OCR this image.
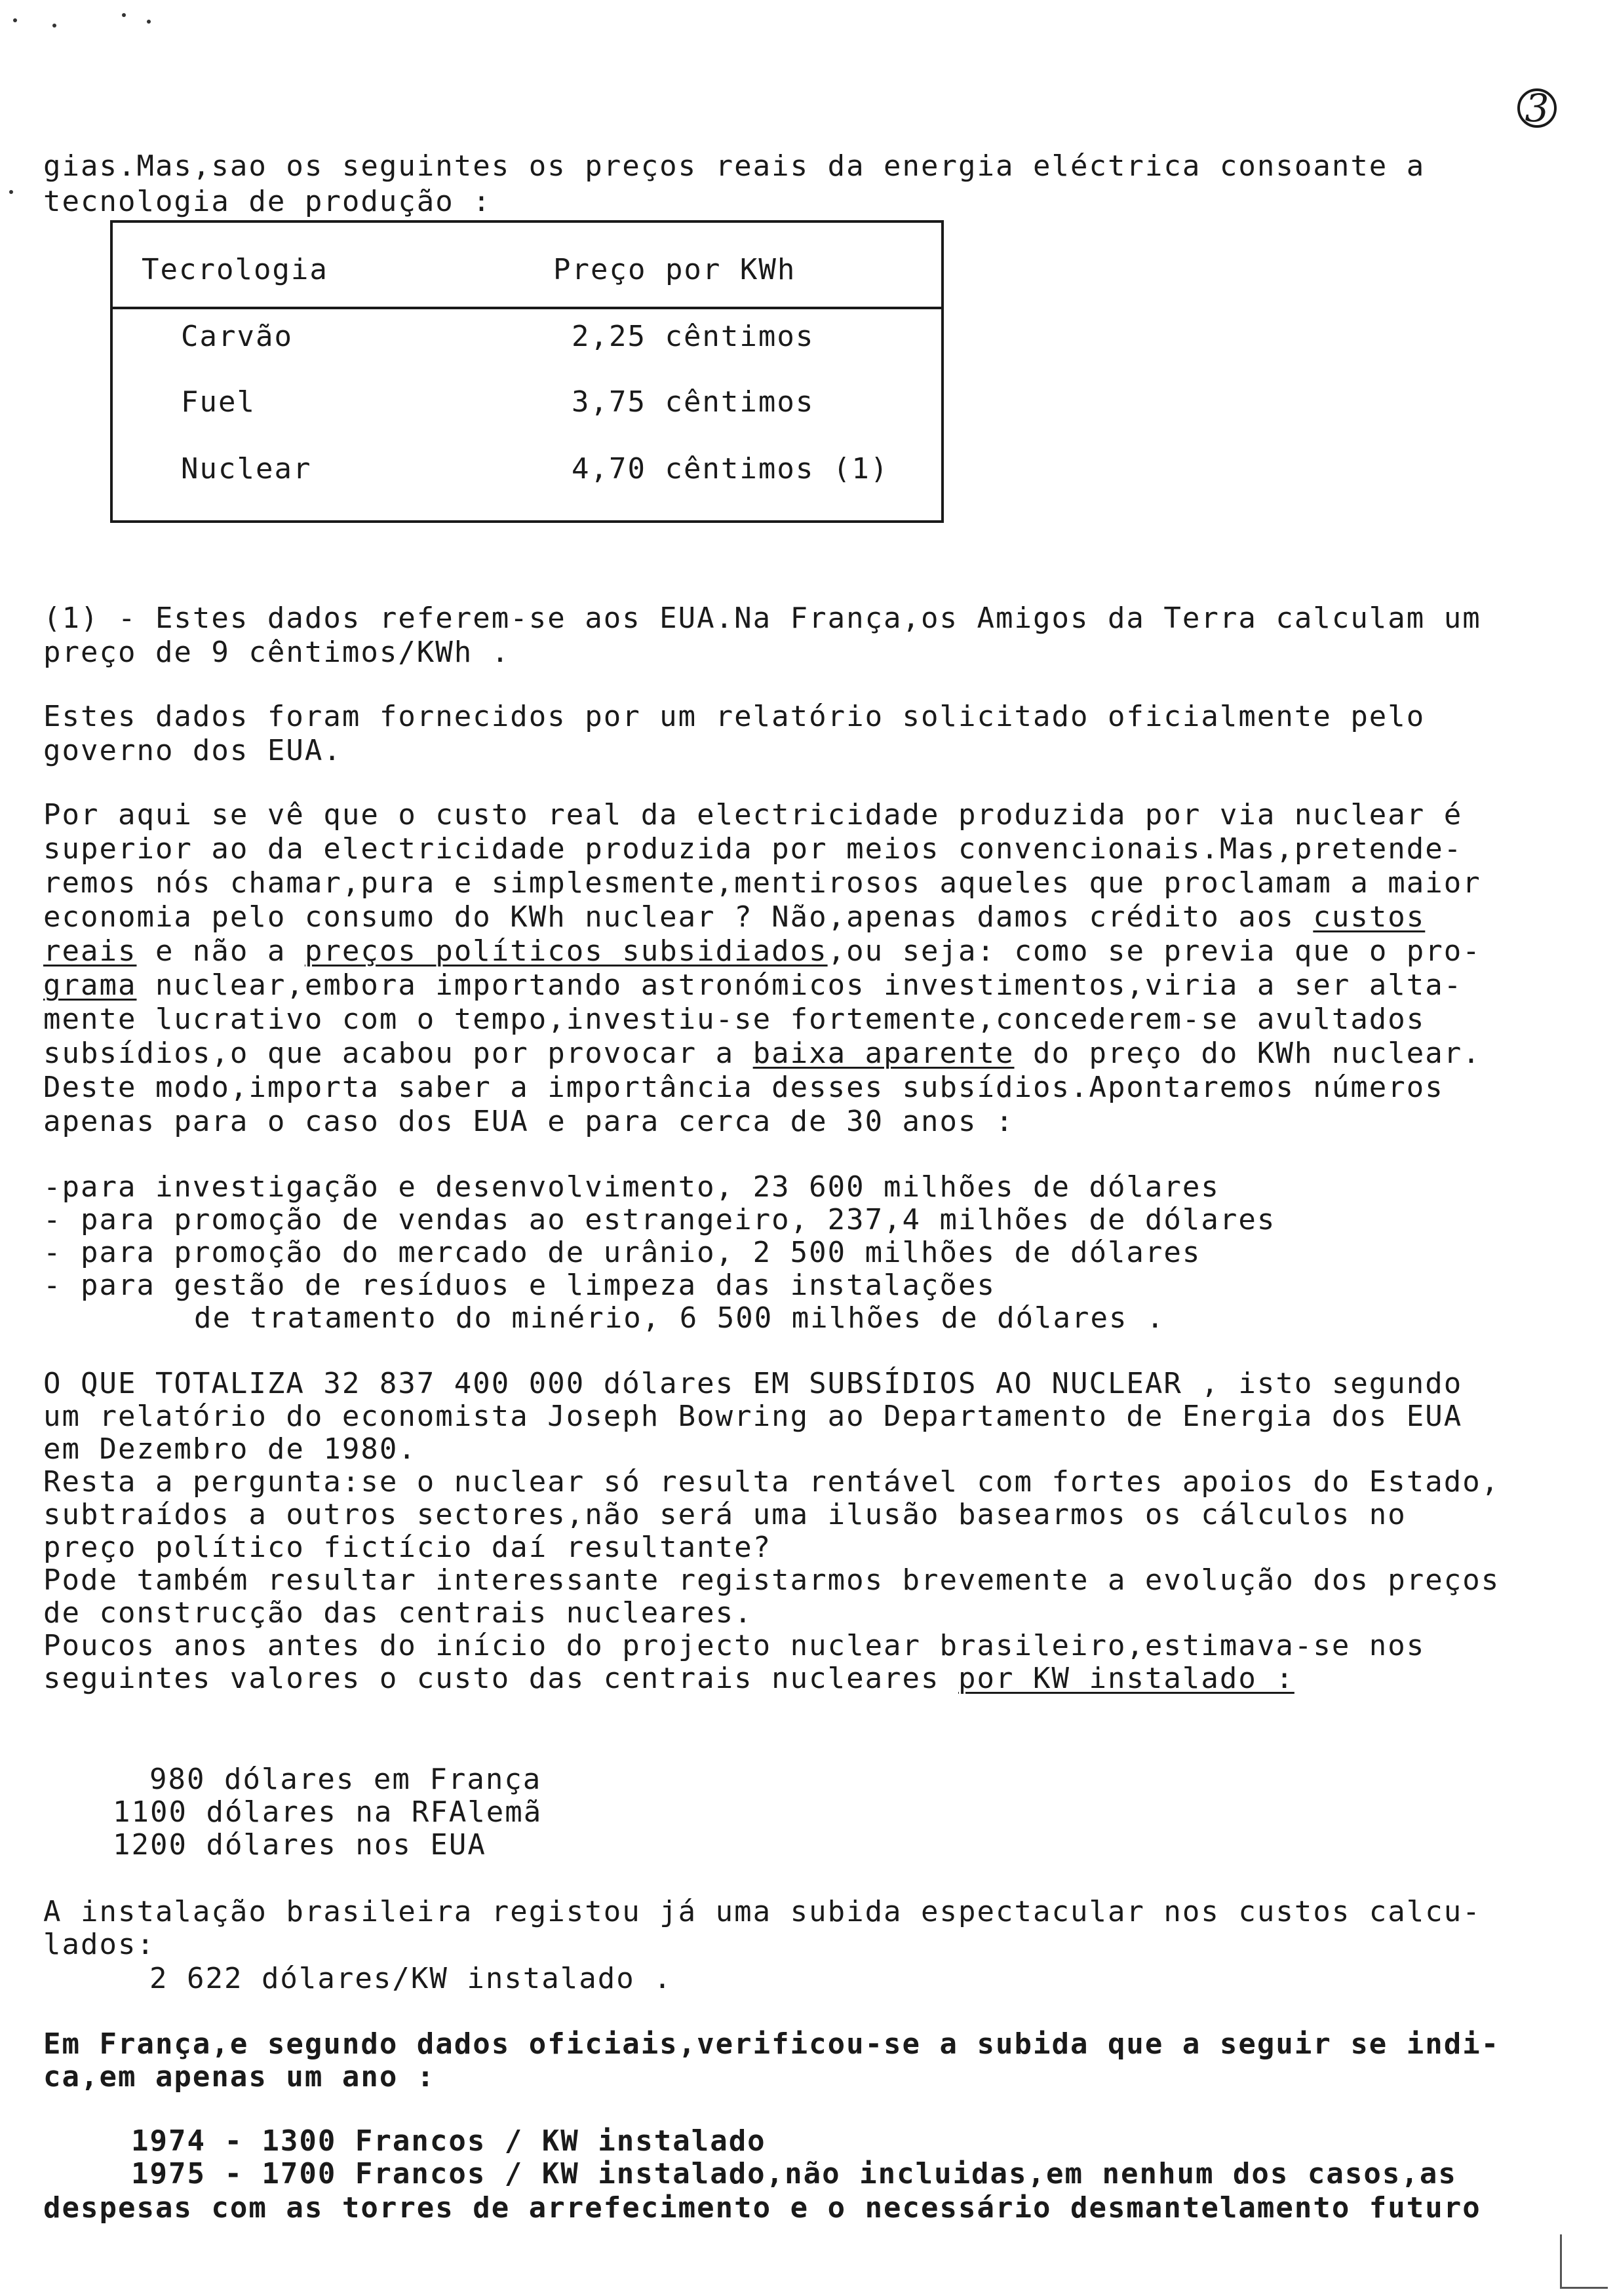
3
gias.Mas,sao os seguintes os preços reais da energia eléctrica consoante a
tecnologia de produção :
Tecrologia	Preço por KWh
Carvão	2,25 cêntimos
Fuel	3,75 cêntimos
Nuclear	4,70 cêntimos (1)
(1) - Estes dados referem-se aos EUA.Na França,os Amigos da Terra calculam um
preço de 9 cêntimos/KWh .
Estes dados foram fornecidos por um relatório solicitado oficialmente pelo
governo dos EUA.
Por aqui se vê que o custo real da electricidade produzida por via nuclear é
superior ao da electricidade produzida por meios convencionais.Mas,pretende-
remos nós chamar,pura e simplesmente,mentirosos aqueles que proclamam a maior
economia pelo consumo do KWh nuclear ? Não,apenas damos crédito aos custos
reais e não a preços políticos subsidiados,ou seja: como se previa que o pro-
grama nuclear,embora importando astronómicos investimentos,viria a ser alta-
mente lucrativo com o tempo,investiu-se fortemente,concederem-se avultados
subsídios,o que acabou por provocar a baixa aparente do preço do KWh nuclear.
Deste modo,importa saber a importância desses subsídios.Apontaremos números
apenas para o caso dos EUA e para cerca de 30 anos :
-para investigação e desenvolvimento, 23 600 milhões de dólares
- para promoção de vendas ao estrangeiro, 237,4 milhões de dólares
- para promoção do mercado de urânio, 2 500 milhões de dólares
- para gestão de resíduos e limpeza das instalações
de tratamento do minério, 6 500 milhões de dólares .
O QUE TOTALIZA 32 837 400 000 dólares EM SUBSÍDIOS AO NUCLEAR , isto segundo
um relatório do economista Joseph Bowring ao Departamento de Energia dos EUA
em Dezembro de 1980.
Resta a pergunta:se o nuclear só resulta rentável com fortes apoios do Estado,
subtraídos a outros sectores,não será uma ilusão basearmos os cálculos no
preço político fictício daí resultante?
Pode também resultar interessante registarmos brevemente a evolução dos preços
de construcção das centrais nucleares.
Poucos anos antes do início do projecto nuclear brasileiro,estimava-se nos
seguintes valores o custo das centrais nucleares por KW instalado :
980 dólares em França
1100 dólares na RFAlemã
1200 dólares nos EUA
A instalação brasileira registou já uma subida espectacular nos custos calcu-
lados:
2 622 dólares/KW instalado .
Em França,e segundo dados oficiais,verificou-se a subida que a seguir se indi-
ca,em apenas um ano :
1974 - 1300 Francos / KW instalado
1975 - 1700 Francos / KW instalado,não incluidas,em nenhum dos casos,as
despesas com as torres de arrefecimento e o necessário desmantelamento futuro
